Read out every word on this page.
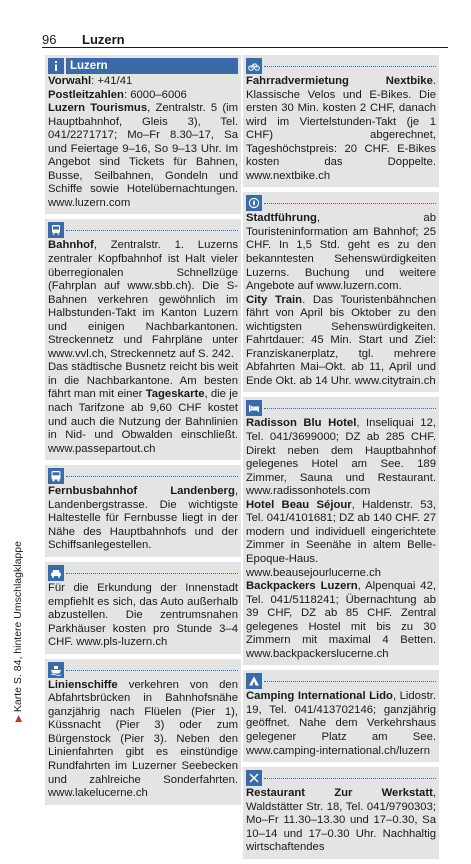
96 Luzern
▶Karte S. 84, hintere Umschlagklappe
Luzern

Vorwahl: +41/41

Postleitzahlen: 6000–6006

Luzern Tourismus, Zentralstr. 5 (im Hauptbahnhof, Gleis 3), Tel. 041/2271717; Mo–Fr 8.30–17, Sa und Feiertage 9–16, So 9–13 Uhr. Im Angebot sind Tickets für Bahnen, Busse, Seilbahnen, Gondeln und Schiffe sowie Hotelübernachtungen. www.luzern.com

Bahnhof, Zentralstr. 1. Luzerns zentraler Kopfbahnhof ist Halt vieler überregionalen Schnellzüge (Fahrplan auf www.sbb.ch). Die S-Bahnen verkehren gewöhnlich im Halbstunden-Takt im Kanton Luzern und einigen Nachbarkantonen. Streckennetz und Fahrpläne unter www.vvl.ch, Streckennetz auf S. 242.

Das städtische Busnetz reicht bis weit in die Nachbarkantone. Am besten fährt man mit einer Tageskarte, die je nach Tarifzone ab 9,60 CHF kostet und auch die Nutzung der Bahnlinien in Nid- und Obwalden einschließt. www.passepartout.ch

Fernbusbahnhof Landenberg, Landenbergstrasse. Die wichtigste Haltestelle für Fernbusse liegt in der Nähe des Hauptbahnhofs und der Schiffsanlegestellen.

Für die Erkundung der Innenstadt empfiehlt es sich, das Auto außerhalb abzustellen. Die zentrumsnahen Parkhäuser kosten pro Stunde 3–4 CHF. www.pls-luzern.ch

Linienschiffe verkehren von den Abfahrtsbrücken in Bahnhofsnähe ganzjährig nach Flüelen (Pier 1), Küssnacht (Pier 3) oder zum Bürgenstock (Pier 3). Neben den Linienfahrten gibt es einstündige Rundfahrten im Luzerner Seebecken und zahlreiche Sonderfahrten. www.lakelucerne.ch

Fahrradvermietung Nextbike. Klassische Velos und E-Bikes. Die ersten 30 Min. kosten 2 CHF, danach wird im Viertelstunden-Takt (je 1 CHF) abgerechnet, Tageshöchstpreis: 20 CHF. E-Bikes kosten das Doppelte. www.nextbike.ch

Stadtführung, ab Touristeninformation am Bahnhof; 25 CHF. In 1,5 Std. geht es zu den bekanntesten Sehenswürdigkeiten Luzerns. Buchung und weitere Angebote auf www.luzern.com.

City Train. Das Touristenbähnchen fährt von April bis Oktober zu den wichtigsten Sehenswürdigkeiten. Fahrtdauer: 45 Min. Start und Ziel: Franziskanerplatz, tgl. mehrere Abfahrten Mai–Okt. ab 11, April und Ende Okt. ab 14 Uhr. www.citytrain.ch

Radisson Blu Hotel, Inseliquai 12, Tel. 041/3699000; DZ ab 285 CHF. Direkt neben dem Hauptbahnhof gelegenes Hotel am See. 189 Zimmer, Sauna und Restaurant. www.radissonhotels.com

Hotel Beau Séjour, Haldenstr. 53, Tel. 041/4101681; DZ ab 140 CHF. 27 modern und individuell eingerichtete Zimmer in Seenähe in altem Belle-Epoque-Haus. www.beausejourlucerne.ch

Backpackers Luzern, Alpenquai 42, Tel. 041/5118241; Übernachtung ab 39 CHF, DZ ab 85 CHF. Zentral gelegenes Hostel mit bis zu 30 Zimmern mit maximal 4 Betten. www.backpackerslucerne.ch

Camping International Lido, Lidostr. 19, Tel. 041/413702146; ganzjährig geöffnet. Nahe dem Verkehrshaus gelegener Platz am See. www.camping-international.ch/luzern

Restaurant Zur Werkstatt, Waldstätter Str. 18, Tel. 041/9790303; Mo–Fr 11.30–13.30 und 17–0.30, Sa 10–14 und 17–0.30 Uhr. Nachhaltig wirtschaftendes
